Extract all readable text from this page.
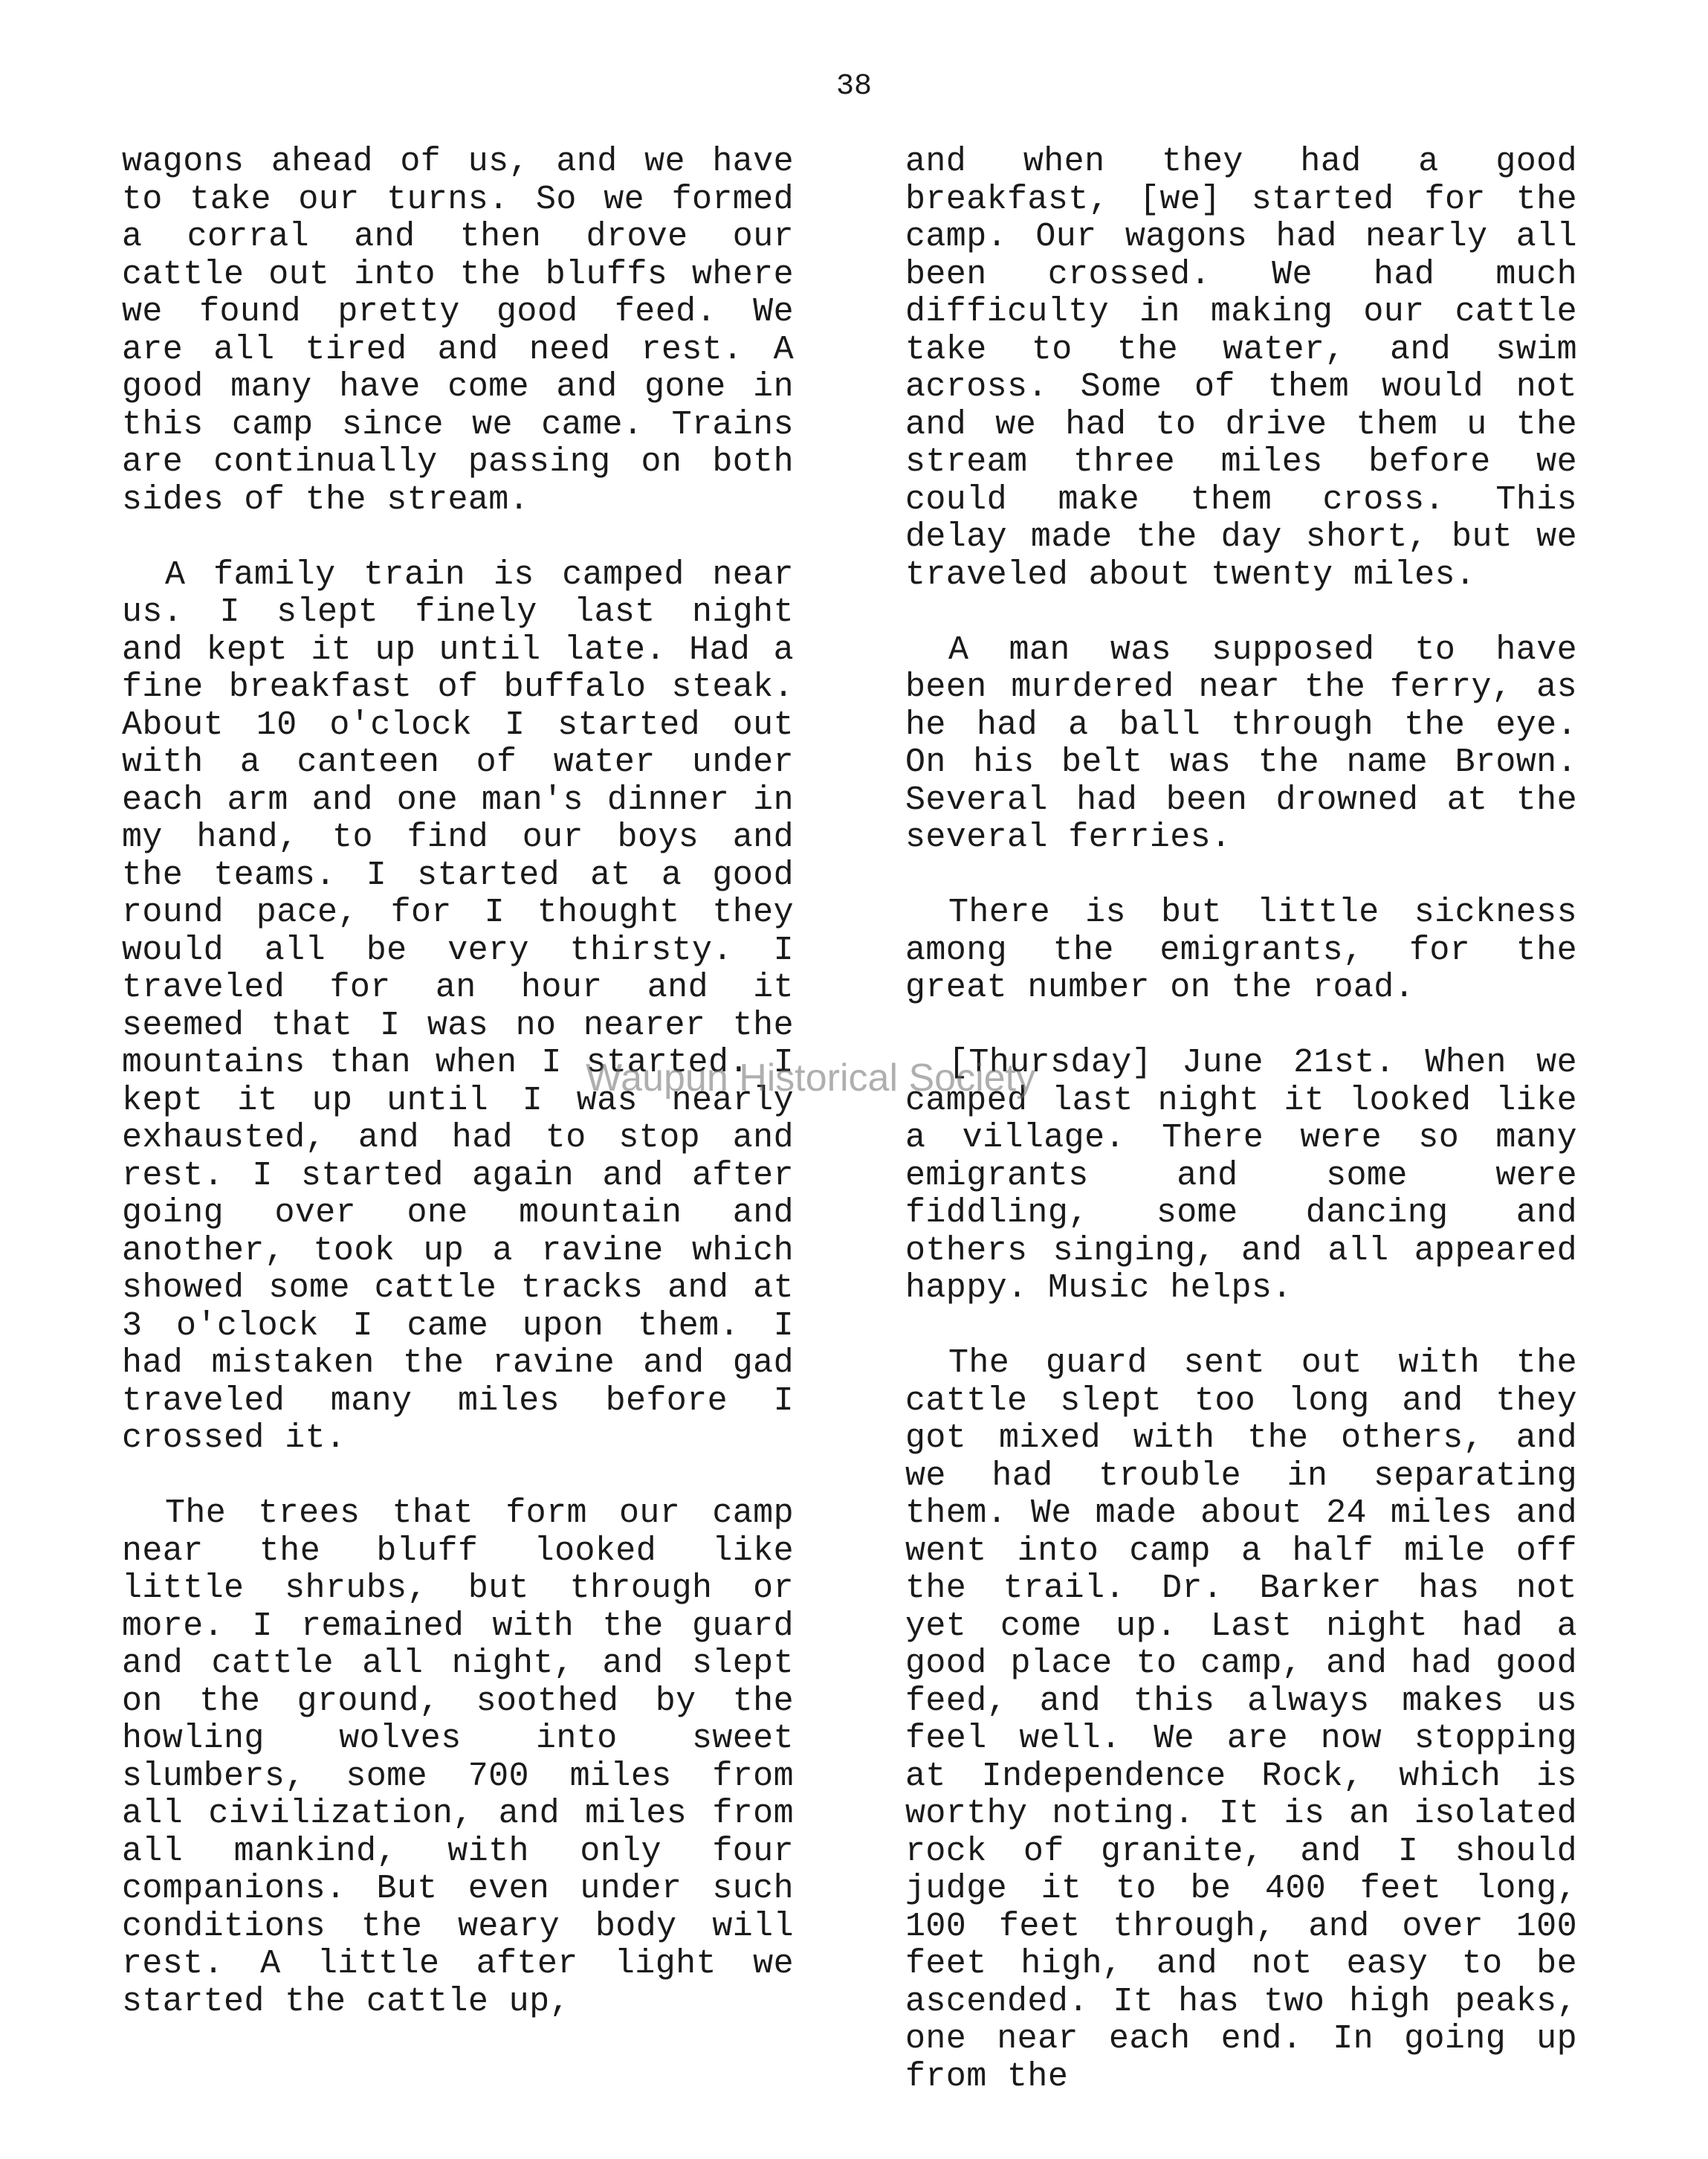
38

wagons ahead of us, and we have to take our turns. So we formed a corral and then drove our cattle out into the bluffs where we found pretty good feed. We are all tired and need rest. A good many have come and gone in this camp since we came. Trains are continually passing on both sides of the stream.

A family train is camped near us. I slept finely last night and kept it up until late. Had a fine breakfast of buffalo steak. About 10 o'clock I started out with a canteen of water under each arm and one man's dinner in my hand, to find our boys and the teams. I started at a good round pace, for I thought they would all be very thirsty. I traveled for an hour and it seemed that I was no nearer the mountains than when I started. I kept it up until I was nearly exhausted, and had to stop and rest. I started again and after going over one mountain and another, took up a ravine which showed some cattle tracks and at 3 o'clock I came upon them. I had mistaken the ravine and gad traveled many miles before I crossed it.

The trees that form our camp near the bluff looked like little shrubs, but through or more. I remained with the guard and cattle all night, and slept on the ground, soothed by the howling wolves into sweet slumbers, some 700 miles from all civilization, and miles from all mankind, with only four companions. But even under such conditions the weary body will rest. A little after light we started the cattle up,

and when they had a good breakfast, [we] started for the camp. Our wagons had nearly all been crossed. We had much difficulty in making our cattle take to the water, and swim across. Some of them would not and we had to drive them u the stream three miles before we could make them cross. This delay made the day short, but we traveled about twenty miles.

A man was supposed to have been murdered near the ferry, as he had a ball through the eye. On his belt was the name Brown. Several had been drowned at the several ferries.

There is but little sickness among the emigrants, for the great number on the road.

[Thursday] June 21st. When we camped last night it looked like a village. There were so many emigrants and some were fiddling, some dancing and others singing, and all appeared happy. Music helps.

The guard sent out with the cattle slept too long and they got mixed with the others, and we had trouble in separating them. We made about 24 miles and went into camp a half mile off the trail. Dr. Barker has not yet come up. Last night had a good place to camp, and had good feed, and this always makes us feel well. We are now stopping at Independence Rock, which is worthy noting. It is an isolated rock of granite, and I should judge it to be 400 feet long, 100 feet through, and over 100 feet high, and not easy to be ascended. It has two high peaks, one near each end. In going up from the

Waupun Historical Society
